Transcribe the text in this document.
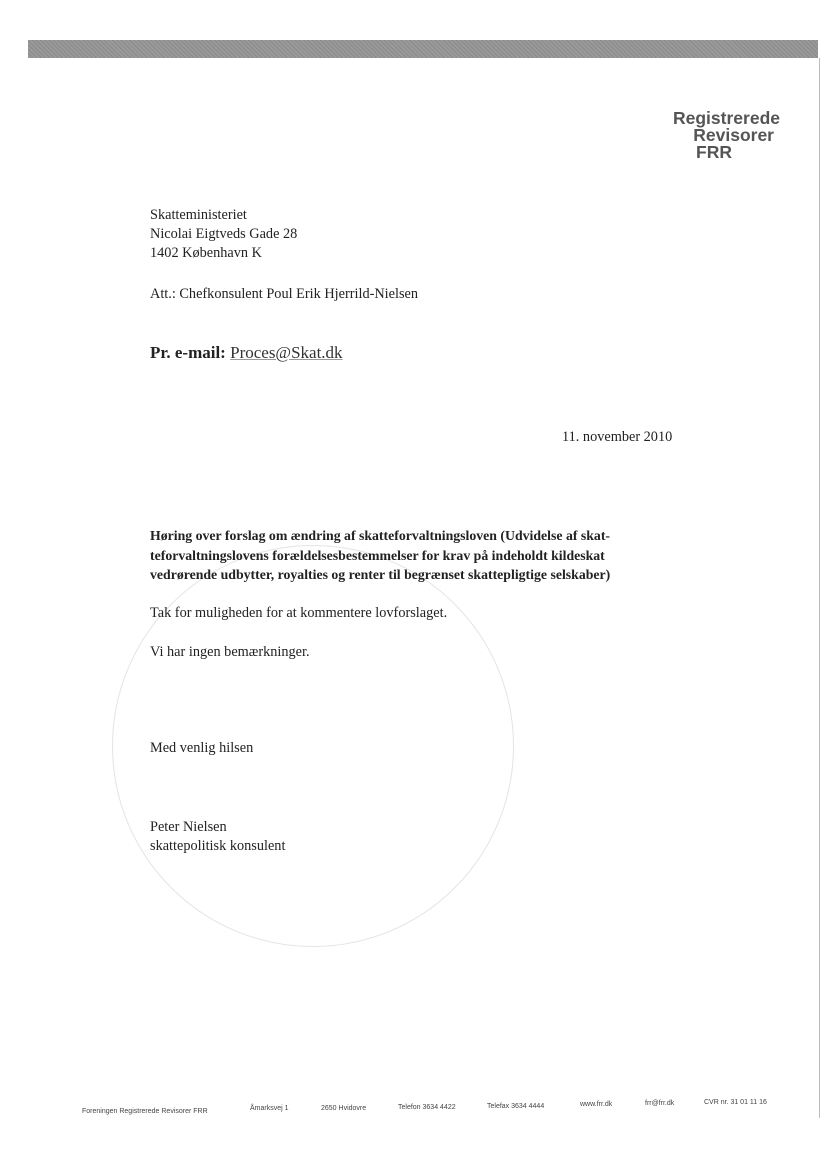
Registrerede
Revisorer
FRR
Skatteministeriet
Nicolai Eigtveds Gade 28
1402 København K
Att.: Chefkonsulent Poul Erik Hjerrild-Nielsen
Pr. e-mail: Proces@Skat.dk
11. november 2010
Høring over forslag om ændring af skatteforvaltningsloven (Udvidelse af skat-
teforvaltningslovens forældelsesbestemmelser for krav på indeholdt kildeskat
vedrørende udbytter, royalties og renter til begrænset skattepligtige selskaber)
Tak for muligheden for at kommentere lovforslaget.
Vi har ingen bemærkninger.
Med venlig hilsen
Peter Nielsen
skattepolitisk konsulent
Foreningen Registrerede Revisorer FRR	Åmarksvej 1	2650 Hvidovre	Telefon 3634 4422	Telefax 3634 4444	www.frr.dk	frr@frr.dk	CVR nr. 31 01 11 16
